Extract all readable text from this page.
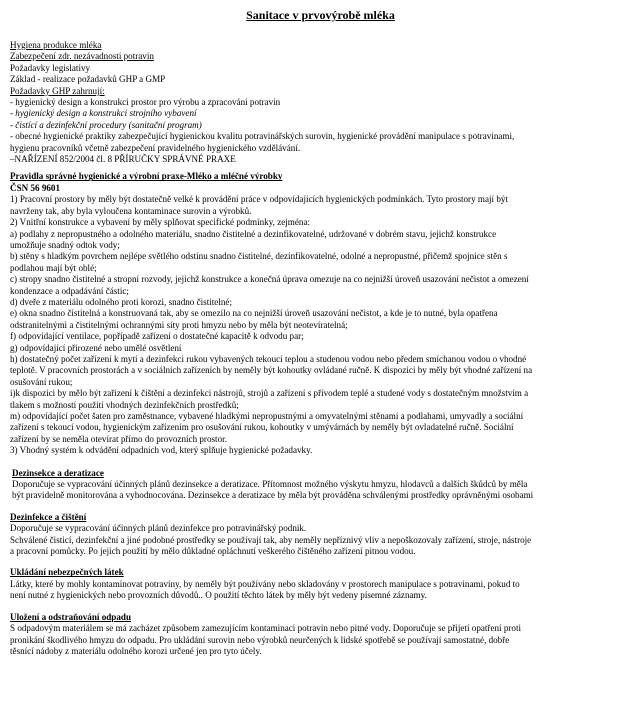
Sanitace v prvovýrobě mléka
Hygiena produkce mléka
Zabezpečení zdr. nezávadnosti potravin
Požadavky legislativy
Základ - realizace požadavků GHP a GMP
Požadavky GHP zahrnují:
- hygienický design a konstrukci prostor pro výrobu a zpracování potravin
- hygienický design a konstrukci strojního vybavení
- čistící a dezinfekční procedury (sanitační program)
- obecné hygienické praktiky zabezpečující hygienickou kvalitu potravinářských surovin, hygienické provádění manipulace s potravinami,
hygienu pracovníků včetně zabezpečení pravidelného hygienického vzdělávání.
–NAŘÍZENÍ 852/2004 čl. 8 PŘÍRUČKY SPRÁVNÉ PRAXE
Pravidla správné hygienické a výrobní praxe-Mléko a mléčné výrobky
ČSN 56 9601
1) Pracovní prostory by měly být dostatečně velké k provádění práce v odpovídajících hygienických podmínkách. Tyto prostory mají být
navrženy tak, aby byla vyloučena kontaminace surovin a výrobků.
2) Vnitřní konstrukce a vybavení by měly splňovat specifické podmínky, zejména:
a) podlahy z nepropustného a odolného materiálu, snadno čistitelné a dezinfikovatelné, udržované v dobrém stavu, jejichž konstrukce
umožňuje snadný odtok vody;
b) stěny s hladkým povrchem nejlépe světlého odstínu snadno čistitelné, dezinfikovatelné, odolné a nepropustné, přičemž spojnice stěn s
podlahou mají být oblé;
c) stropy snadno čistitelné a stropní rozvody, jejichž konstrukce a konečná úprava omezuje na co nejnižší úroveň usazování nečistot a omezení
kondenzace a odpadávání částic;
d) dveře z materiálu odolného proti korozi, snadno čistitelné;
e) okna snadno čistitelná a konstruovaná tak, aby se omezilo na co nejnižší úroveň usazování nečistot, a kde je to nutné, byla opatřena
odstranitelnými a čistitelnými ochrannými síty proti hmyzu nebo by měla být neotevíratelná;
f) odpovídající ventilace, popřípadě zařízení o dostatečné kapacitě k odvodu par;
g) odpovídající přirozené nebo umělé osvětlení
h) dostatečný počet zařízení k mytí a dezinfekci rukou vybavených tekoucí teplou a studenou vodou nebo předem smíchanou vodou o vhodné
teplotě. V pracovních prostorách a v sociálních zařízeních by neměly být kohoutky ovládané ručně. K dispozici by měly být vhodné zařízení na
osušování rukou;
i)k dispozici by mělo být zařízení k čištění a dezinfekci nástrojů, strojů a zařízení s přívodem teplé a studené vody s dostatečným množstvím a
tlakem s možností použití vhodných dezinfekčních prostředků;
m) odpovídající počet šaten pro zaměstnance, vybavené hladkými nepropustnými a omyvatelnými stěnami a podlahami, umyvadly a sociální
zařízení s tekoucí vodou, hygienickým zařízením pro osušování rukou, kohoutky v umývárnách by neměly být ovladatelné ručně. Sociální
zařízení by se neměla otevírat přímo do provozních prostor.
3) Vhodný systém k odvádění odpadních vod, který splňuje hygienické požadavky.
Dezinsekce a deratizace
Doporučuje se vypracování účinných plánů dezinsekce a deratizace. Přítomnost možného výskytu hmyzu, hlodavců a dalších škůdců by měla
být pravidelně monitorována a vyhodnocována. Dezinsekce a deratizace by měla být prováděna schválenými prostředky oprávněnými osobami
Dezinfekce a čištění
Doporučuje se vypracování účinných plánů dezinfekce pro potravinářský podnik.
Schválené čisticí, dezinfekční a jiné podobné prostředky se používají tak, aby neměly nepříznivý vliv a nepoškozovaly zařízení, stroje, nástroje
a pracovní pomůcky. Po jejich použití by mělo důkladné opláchnutí veškerého čištěného zařízení pitnou vodou.
Ukládání nebezpečných látek
Látky, které by mohly kontaminovat potraviny, by neměly být používány nebo skladovány v prostorech manipulace s potravinami, pokud to
není nutné z hygienických nebo provozních důvodů.. O použití těchto látek by měly být vedeny písemné záznamy.
Uložení a odstraňování odpadu
S odpadovým materiálem se má zacházet způsobem zamezujícím kontaminaci potravin nebo pitné vody. Doporučuje se přijetí opatření proti
pronikání škodlivého hmyzu do odpadu. Pro ukládání surovin nebo výrobků neurčených k lidské spotřebě se používají samostatné, dobře
těsnící nádoby z materiálu odolného korozi určené jen pro tyto účely.
